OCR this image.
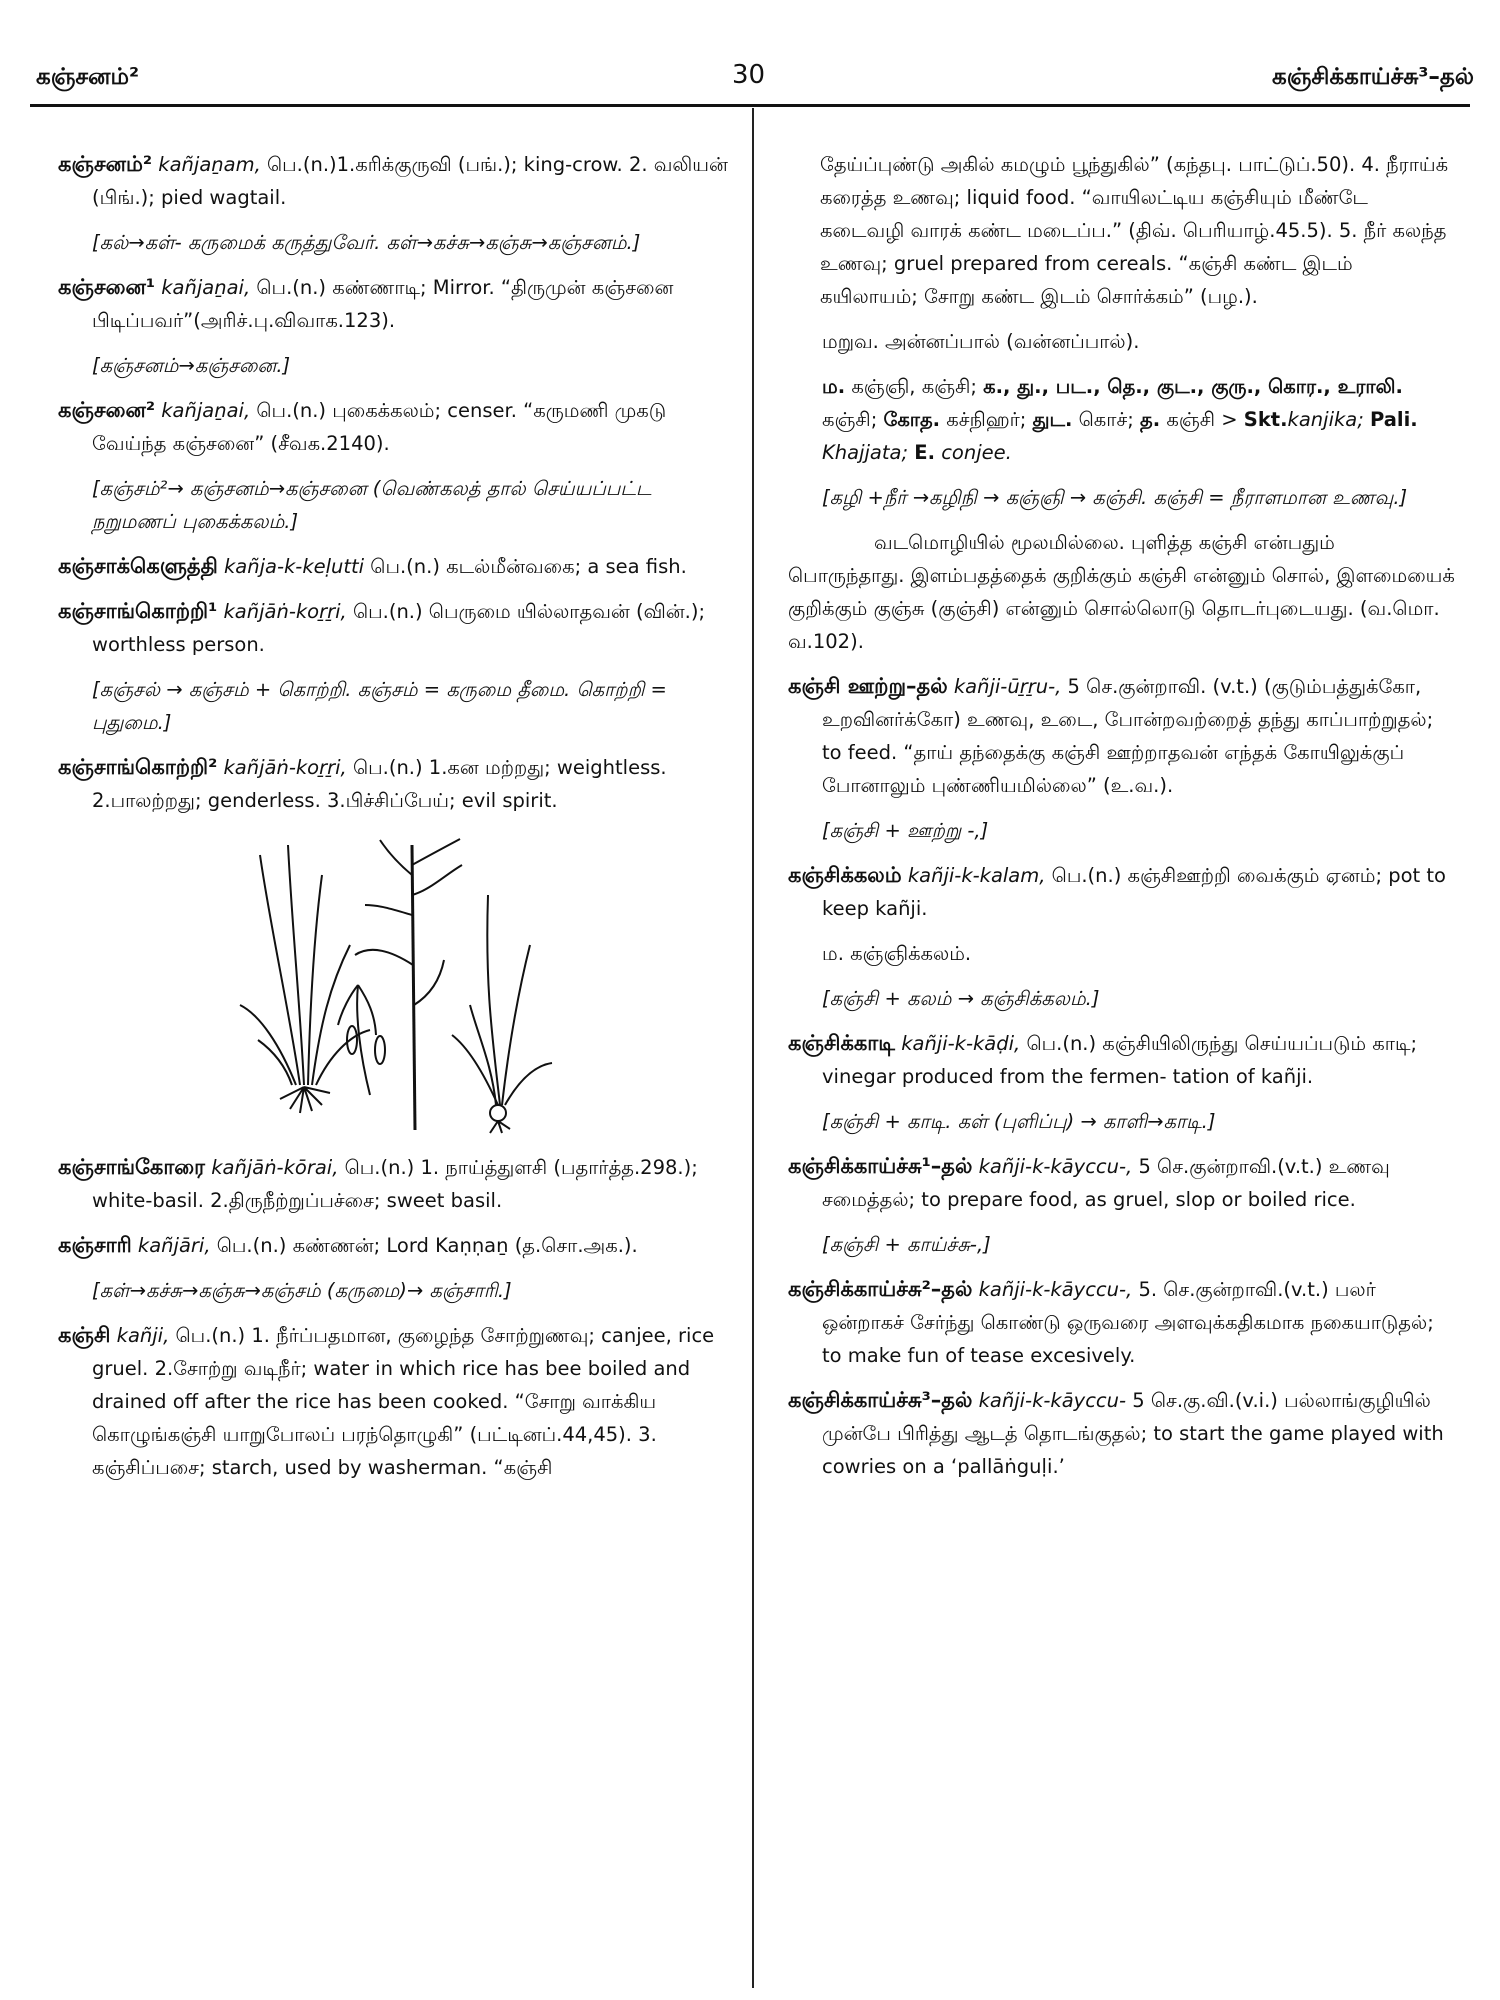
கஞ்சனம்²	30	கஞ்சிக்காய்ச்சு³–தல்

கஞ்சனம்² kañjaṉam, பெ.(n.)1.கரிக்குருவி (பங்.); king-crow. 2. வலியன் (பிங்.); pied wagtail.

[கல்→கள்- கருமைக் கருத்துவேர். கள்→கச்சு→கஞ்சு→கஞ்சனம்.]

கஞ்சனை¹ kañjaṉai, பெ.(n.) கண்ணாடி; Mirror. “திருமுன் கஞ்சனை பிடிப்பவர்”(அரிச்.பு.விவாக.123).

[கஞ்சனம்→கஞ்சனை.]

கஞ்சனை² kañjaṉai, பெ.(n.) புகைக்கலம்; censer. “கருமணி முகடு வேய்ந்த கஞ்சனை” (சீவக.2140).

[கஞ்சம்²→ கஞ்சனம்→கஞ்சனை (வெண்கலத் தால் செய்யப்பட்ட நறுமணப் புகைக்கலம்.]

கஞ்சாக்கெளுத்தி kañja-k-keḷutti பெ.(n.) கடல்மீன்வகை; a sea fish.

கஞ்சாங்கொற்றி¹ kañjāṅ-koṟṟi, பெ.(n.) பெருமை யில்லாதவன் (வின்.); worthless person.

[கஞ்சல் → கஞ்சம் + கொற்றி. கஞ்சம் = கருமை தீமை. கொற்றி = புதுமை.]

கஞ்சாங்கொற்றி² kañjāṅ-koṟṟi, பெ.(n.) 1.கன மற்றது; weightless. 2.பாலற்றது; genderless. 3.பிச்சிப்பேய்; evil spirit.

கஞ்சாங்கோரை kañjāṅ-kōrai, பெ.(n.) 1. நாய்த்துளசி (பதார்த்த.298.); white-basil. 2.திருநீற்றுப்பச்சை; sweet basil.

கஞ்சாரி kañjāri, பெ.(n.) கண்ணன்; Lord Kaṇṇaṉ (த.சொ.அக.).

[கள்→கச்சு→கஞ்சு→கஞ்சம் (கருமை)→ கஞ்சாரி.]

கஞ்சி kañji, பெ.(n.) 1. நீர்ப்பதமான, குழைந்த சோற்றுணவு; canjee, rice gruel. 2.சோற்று வடிநீர்; water in which rice has bee boiled and drained off after the rice has been cooked. “சோறு வாக்கிய கொழுங்கஞ்சி யாறுபோலப் பரந்தொழுகி” (பட்டினப்.44,45). 3. கஞ்சிப்பசை; starch, used by washerman. “கஞ்சி

தேய்ப்புண்டு அகில் கமழும் பூந்துகில்” (கந்தபு. பாட்டுப்.50). 4. நீராய்க் கரைத்த உணவு; liquid food. “வாயிலட்டிய கஞ்சியும் மீண்டே கடைவழி வாரக் கண்ட மடைப்ப.” (திவ். பெரியாழ்.45.5). 5. நீர் கலந்த உணவு; gruel prepared from cereals. “கஞ்சி கண்ட இடம் கயிலாயம்; சோறு கண்ட இடம் சொர்க்கம்” (பழ.).

மறுவ. அன்னப்பால் (வன்னப்பால்).

ம. கஞ்ஞி, கஞ்சி; க., து., பட., தெ., குட., குரு., கொர., உராலி. கஞ்சி; கோத. கச்நிஹர்; துட. கொச்; த. கஞ்சி > Skt.kanjika; Pali. Khajjata; E. conjee.

[கழி +நீர் →கழிநி → கஞ்ஞி → கஞ்சி. கஞ்சி = நீராளமான உணவு.]

வடமொழியில் மூலமில்லை. புளித்த கஞ்சி என்பதும் பொருந்தாது. இளம்பதத்தைக் குறிக்கும் கஞ்சி என்னும் சொல், இளமையைக் குறிக்கும் குஞ்சு (குஞ்சி) என்னும் சொல்லொடு தொடர்புடையது. (வ.மொ. வ.102).

கஞ்சி ஊற்று–தல் kañji-ūṟṟu-, 5 செ.குன்றாவி. (v.t.) (குடும்பத்துக்கோ, உறவினர்க்கோ) உணவு, உடை, போன்றவற்றைத் தந்து காப்பாற்றுதல்; to feed. “தாய் தந்தைக்கு கஞ்சி ஊற்றாதவன் எந்தக் கோயிலுக்குப் போனாலும் புண்ணியமில்லை” (உ.வ.).

[கஞ்சி + ஊற்று -,]

கஞ்சிக்கலம் kañji-k-kalam, பெ.(n.) கஞ்சிஊற்றி வைக்கும் ஏனம்; pot to keep kañji.

ம. கஞ்ஞிக்கலம்.

[கஞ்சி + கலம் → கஞ்சிக்கலம்.]

கஞ்சிக்காடி kañji-k-kāḍi, பெ.(n.) கஞ்சியிலிருந்து செய்யப்படும் காடி; vinegar produced from the fermen- tation of kañji.

[கஞ்சி + காடி. கள் (புளிப்பு) → காளி→காடி.]

கஞ்சிக்காய்ச்சு¹–தல் kañji-k-kāyccu-, 5 செ.குன்றாவி.(v.t.) உணவு சமைத்தல்; to prepare food, as gruel, slop or boiled rice.

[கஞ்சி + காய்ச்சு-,]

கஞ்சிக்காய்ச்சு²–தல் kañji-k-kāyccu-, 5. செ.குன்றாவி.(v.t.) பலர் ஒன்றாகச் சேர்ந்து கொண்டு ஒருவரை அளவுக்கதிகமாக நகையாடுதல்; to make fun of tease excesively.

கஞ்சிக்காய்ச்சு³–தல் kañji-k-kāyccu- 5 செ.கு.வி.(v.i.) பல்லாங்குழியில் முன்பே பிரித்து ஆடத் தொடங்குதல்; to start the game played with cowries on a ‘pallāṅguḷi.’
